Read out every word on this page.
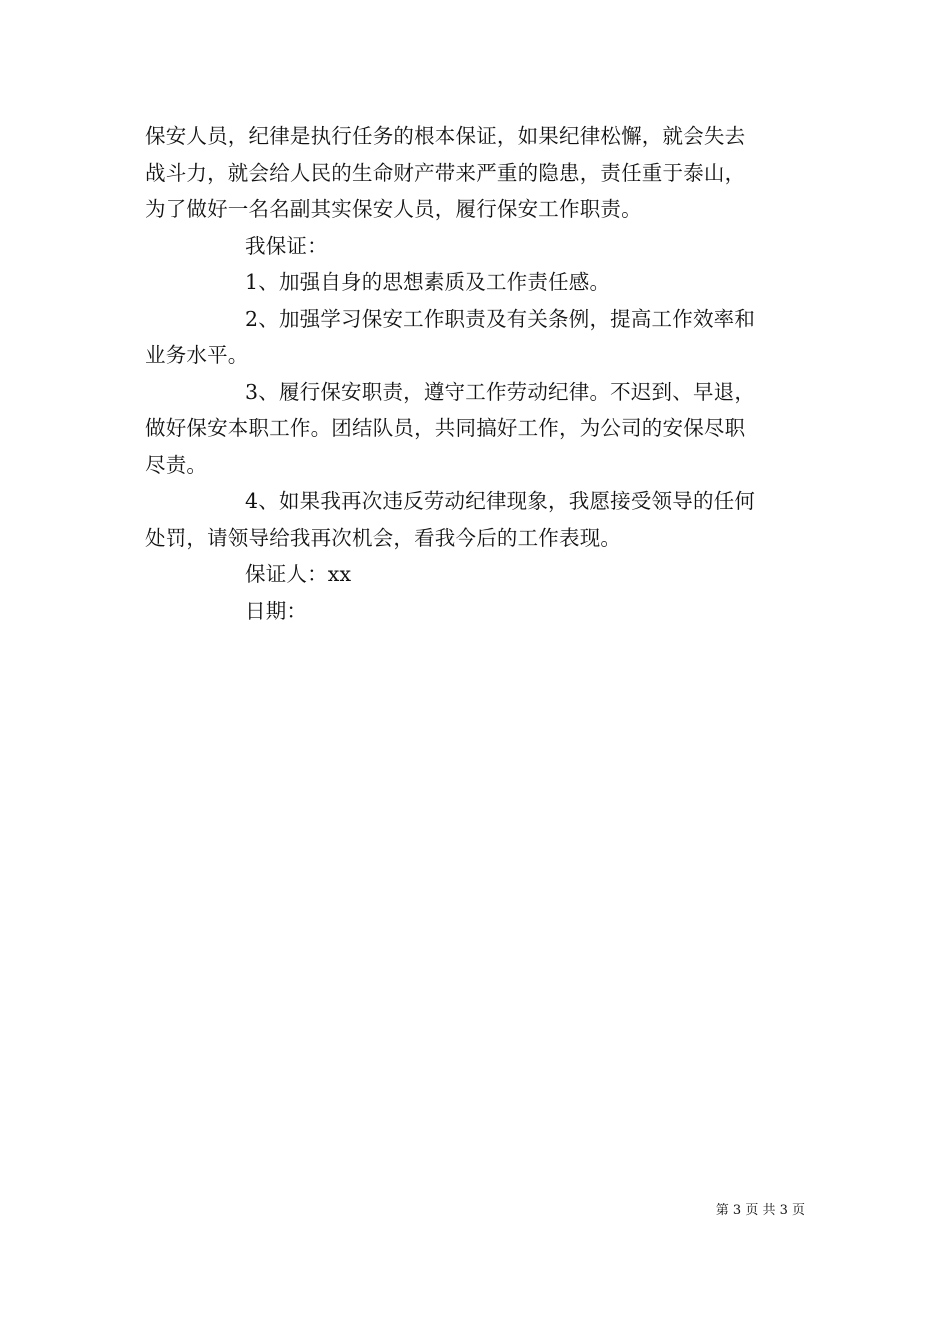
保安人员，纪律是执行任务的根本保证，如果纪律松懈，就会失去
战斗力，就会给人民的生命财产带来严重的隐患，责任重于泰山，
为了做好一名名副其实保安人员，履行保安工作职责。
我保证：
1、加强自身的思想素质及工作责任感。
2、加强学习保安工作职责及有关条例，提高工作效率和
业务水平。
3、履行保安职责，遵守工作劳动纪律。不迟到、早退，
做好保安本职工作。团结队员，共同搞好工作，为公司的安保尽职
尽责。
4、如果我再次违反劳动纪律现象，我愿接受领导的任何
处罚，请领导给我再次机会，看我今后的工作表现。
保证人：xx
日期：
第 3 页 共 3 页
